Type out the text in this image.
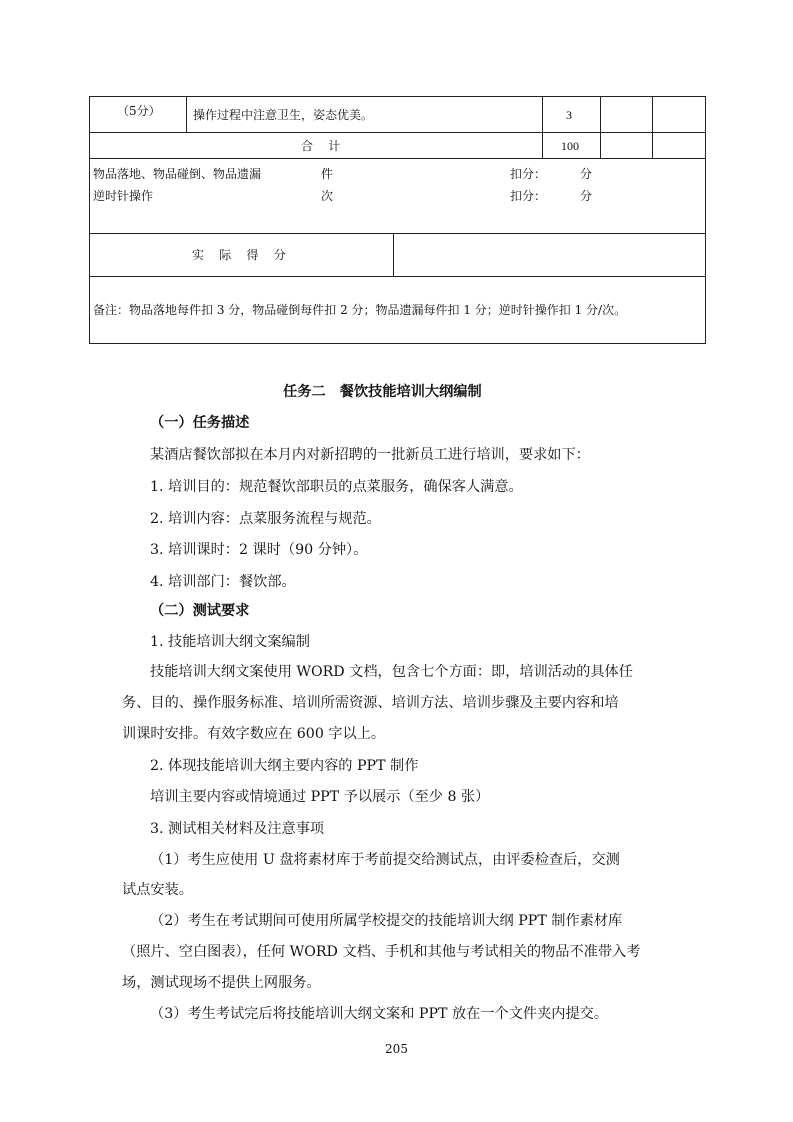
（5分）	操作过程中注意卫生，姿态优美。	3
合    计	100
物品落地、物品碰倒、物品遗漏	件	扣分：	分
逆时针操作	次	扣分：	分
实    际    得    分
备注：物品落地每件扣 3 分，物品碰倒每件扣 2 分；物品遗漏每件扣 1 分；逆时针操作扣 1 分/次。
任务二　餐饮技能培训大纲编制
（一）任务描述
某酒店餐饮部拟在本月内对新招聘的一批新员工进行培训，要求如下：
1. 培训目的：规范餐饮部职员的点菜服务，确保客人满意。
2. 培训内容：点菜服务流程与规范。
3. 培训课时：2 课时（90 分钟）。
4. 培训部门：餐饮部。
（二）测试要求
1. 技能培训大纲文案编制
技能培训大纲文案使用 WORD 文档，包含七个方面：即，培训活动的具体任
务、目的、操作服务标准、培训所需资源、培训方法、培训步骤及主要内容和培
训课时安排。有效字数应在 600 字以上。
2. 体现技能培训大纲主要内容的 PPT 制作
培训主要内容或情境通过 PPT 予以展示（至少 8 张）
3. 测试相关材料及注意事项
（1）考生应使用 U 盘将素材库于考前提交给测试点，由评委检查后，交测
试点安装。
（2）考生在考试期间可使用所属学校提交的技能培训大纲 PPT 制作素材库
（照片、空白图表），任何 WORD 文档、手机和其他与考试相关的物品不准带入考
场，测试现场不提供上网服务。
（3）考生考试完后将技能培训大纲文案和 PPT 放在一个文件夹内提交。
205
